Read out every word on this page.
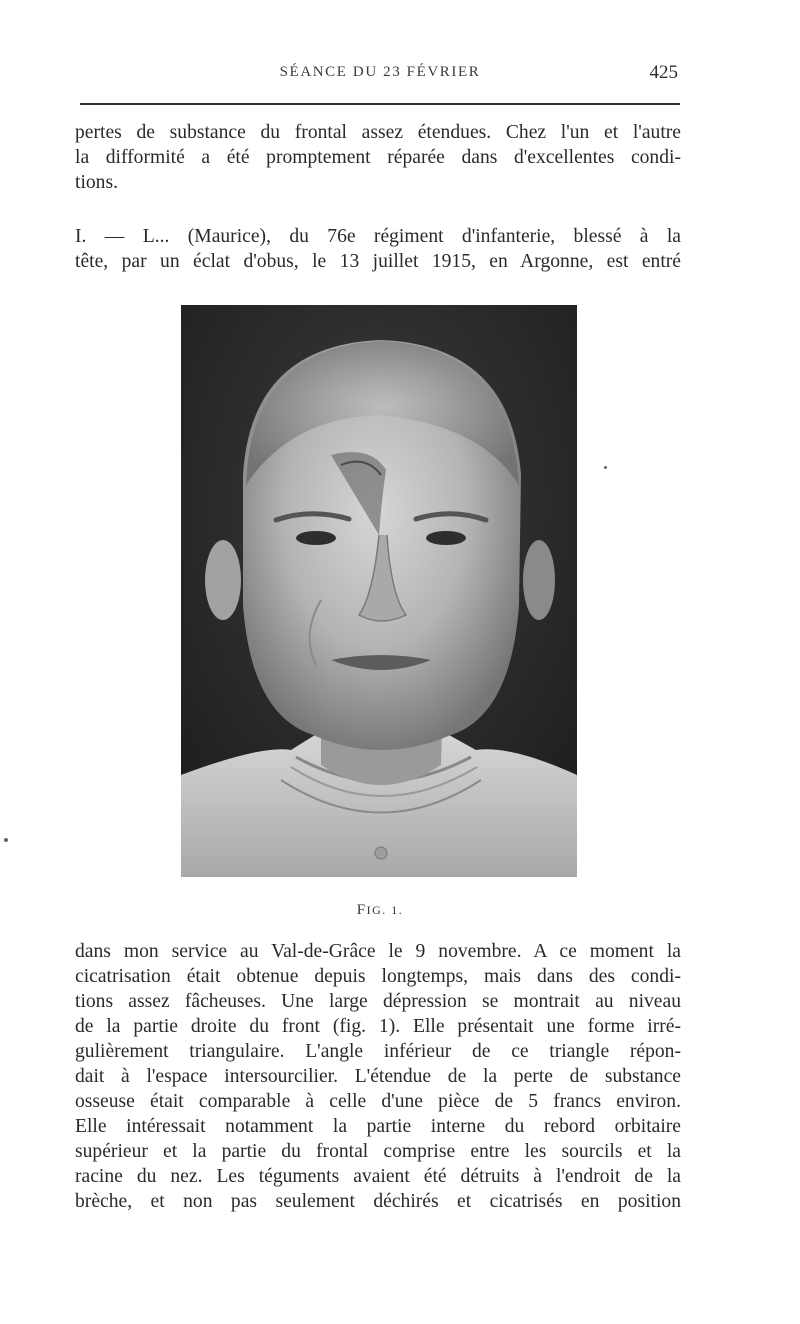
SÉANCE DU 23 FÉVRIER	425
pertes de substance du frontal assez étendues. Chez l'un et l'autre
la difformité a été promptement réparée dans d'excellentes condi-
tions.
I. — L... (Maurice), du 76e régiment d'infanterie, blessé à la
tête, par un éclat d'obus, le 13 juillet 1915, en Argonne, est entré
FIG. 1.
dans mon service au Val-de-Grâce le 9 novembre. A ce moment la
cicatrisation était obtenue depuis longtemps, mais dans des condi-
tions assez fâcheuses. Une large dépression se montrait au niveau
de la partie droite du front (fig. 1). Elle présentait une forme irré-
gulièrement triangulaire. L'angle inférieur de ce triangle répon-
dait à l'espace intersourcilier. L'étendue de la perte de substance
osseuse était comparable à celle d'une pièce de 5 francs environ.
Elle intéressait notamment la partie interne du rebord orbitaire
supérieur et la partie du frontal comprise entre les sourcils et la
racine du nez. Les téguments avaient été détruits à l'endroit de la
brèche, et non pas seulement déchirés et cicatrisés en position
